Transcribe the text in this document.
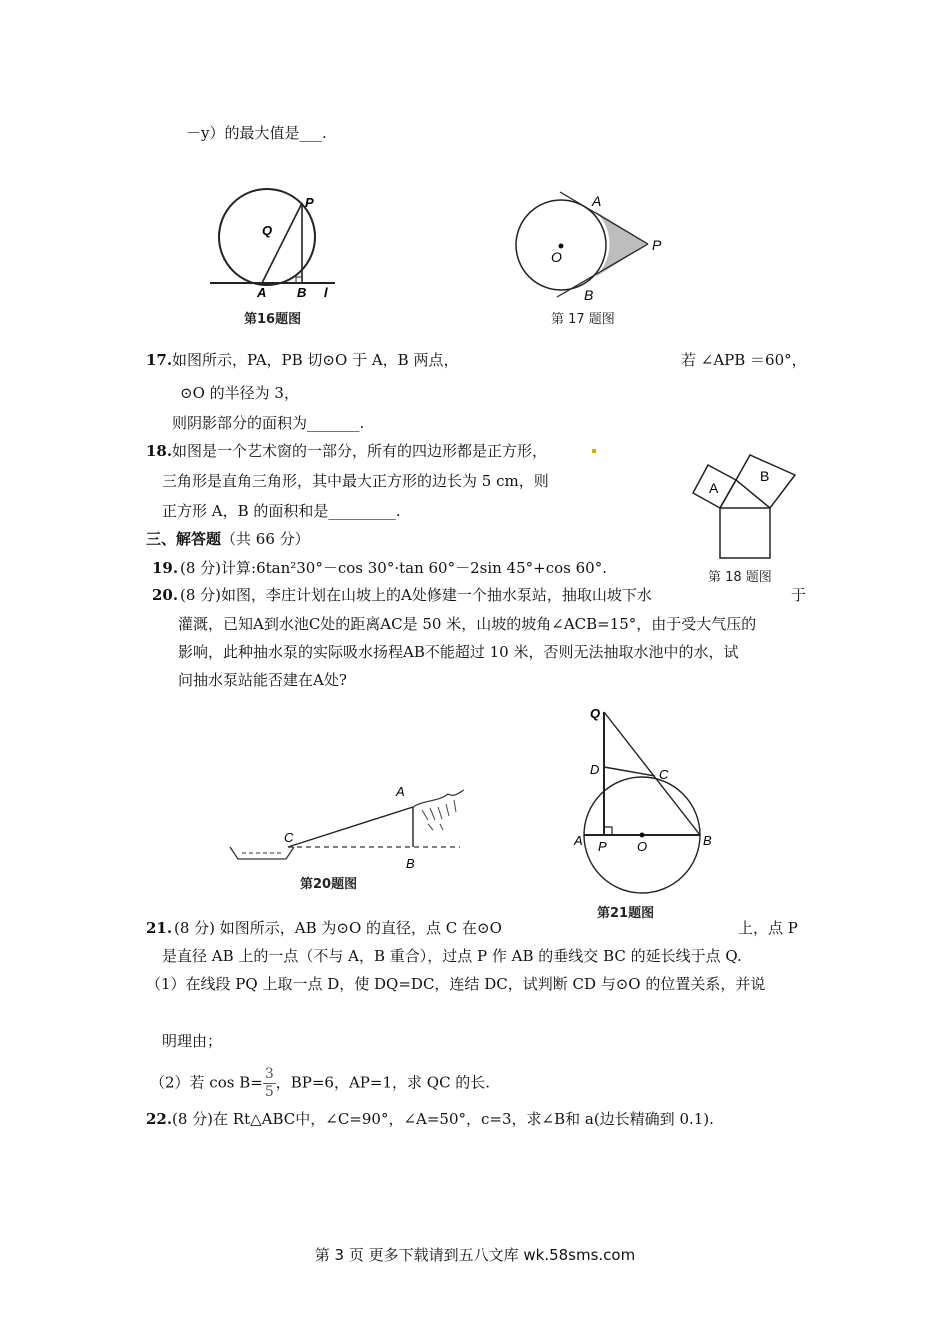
－y）的最大值是___.
Q
P
A B l
第16题图
A
O
P
B
第 17 题图
17. 如图所示，PA，PB 切⊙O 于 A，B 两点，	若 ∠APB ＝60°，
⊙O 的半径为 3，
则阴影部分的面积为_______.
18. 如图是一个艺术窗的一部分，所有的四边形都是正方形，
三角形是直角三角形，其中最大正方形的边长为 5 cm，则
正方形 A，B 的面积和是_________.
A
B
第 18 题图
三、解答题（共 66 分）
19. (8 分)计算:6tan²30°－cos 30°·tan 60°－2sin 45°+cos 60°.
20. (8 分)如图，李庄计划在山坡上的A处修建一个抽水泵站，抽取山坡下水	于
灌溉，已知A到水池C处的距离AC是 50 米，山坡的坡角∠ACB=15°，由于受大气压的
影响，此种抽水泵的实际吸水扬程AB不能超过 10 米，否则无法抽取水池中的水，试
问抽水泵站能否建在A处?
A
C
B
第20题图
Q
D	C
A P O	B
第21题图
21. (8 分) 如图所示，AB 为⊙O 的直径，点 C 在⊙O	上，点 P
是直径 AB 上的一点（不与 A，B 重合），过点 P 作 AB 的垂线交 BC 的延长线于点 Q.
（1）在线段 PQ 上取一点 D，使 DQ=DC，连结 DC，试判断 CD 与⊙O 的位置关系，并说
明理由；
（2）若 $\cos B= \frac{3}{5}$ ，BP=6，AP=1，求 QC 的长.
22. (8 分)在 Rt△ABC中，∠C=90°，∠A=50°，c=3，求∠B和 a(边长精确到 0.1).
第 3 页 更多下载请到五八文库 wk.58sms.com
